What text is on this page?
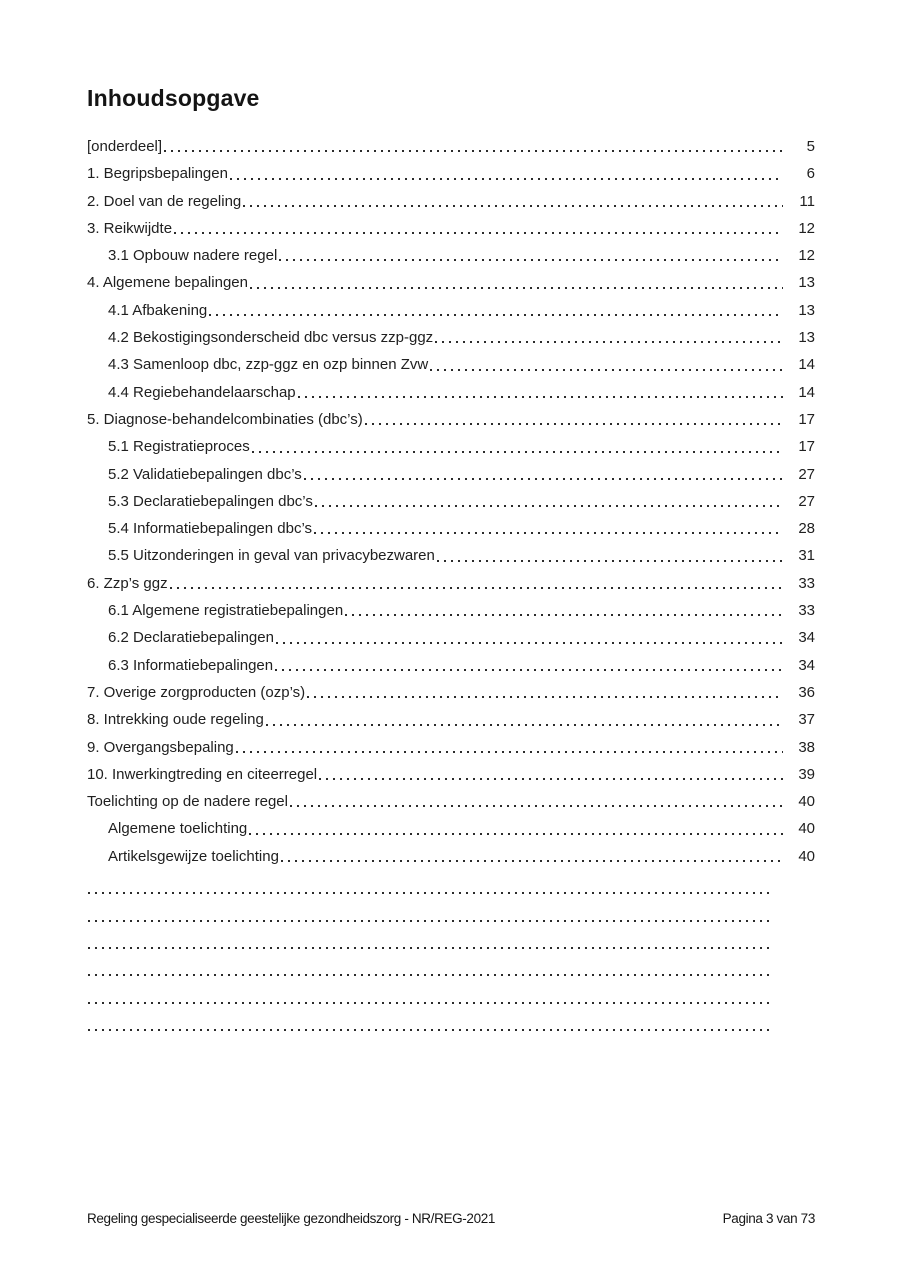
Inhoudsopgave
[onderdeel]	5
1. Begripsbepalingen	6
2. Doel van de regeling	11
3. Reikwijdte	12
3.1 Opbouw nadere regel	12
4. Algemene bepalingen	13
4.1 Afbakening	13
4.2 Bekostigingsonderscheid dbc versus zzp-ggz	13
4.3 Samenloop dbc, zzp-ggz en ozp binnen Zvw	14
4.4 Regiebehandelaarschap	14
5. Diagnose-behandelcombinaties (dbc’s)	17
5.1 Registratieproces	17
5.2 Validatiebepalingen dbc’s	27
5.3 Declaratiebepalingen dbc’s	27
5.4 Informatiebepalingen dbc’s	28
5.5 Uitzonderingen in geval van privacybezwaren	31
6. Zzp’s ggz	33
6.1 Algemene registratiebepalingen	33
6.2 Declaratiebepalingen	34
6.3 Informatiebepalingen	34
7. Overige zorgproducten (ozp’s)	36
8. Intrekking oude regeling	37
9. Overgangsbepaling	38
10. Inwerkingtreding en citeerregel	39
Toelichting op de nadere regel	40
Algemene toelichting	40
Artikelsgewijze toelichting	40
Regeling gespecialiseerde geestelijke gezondheidszorg - NR/REG-2021	Pagina 3 van 73
